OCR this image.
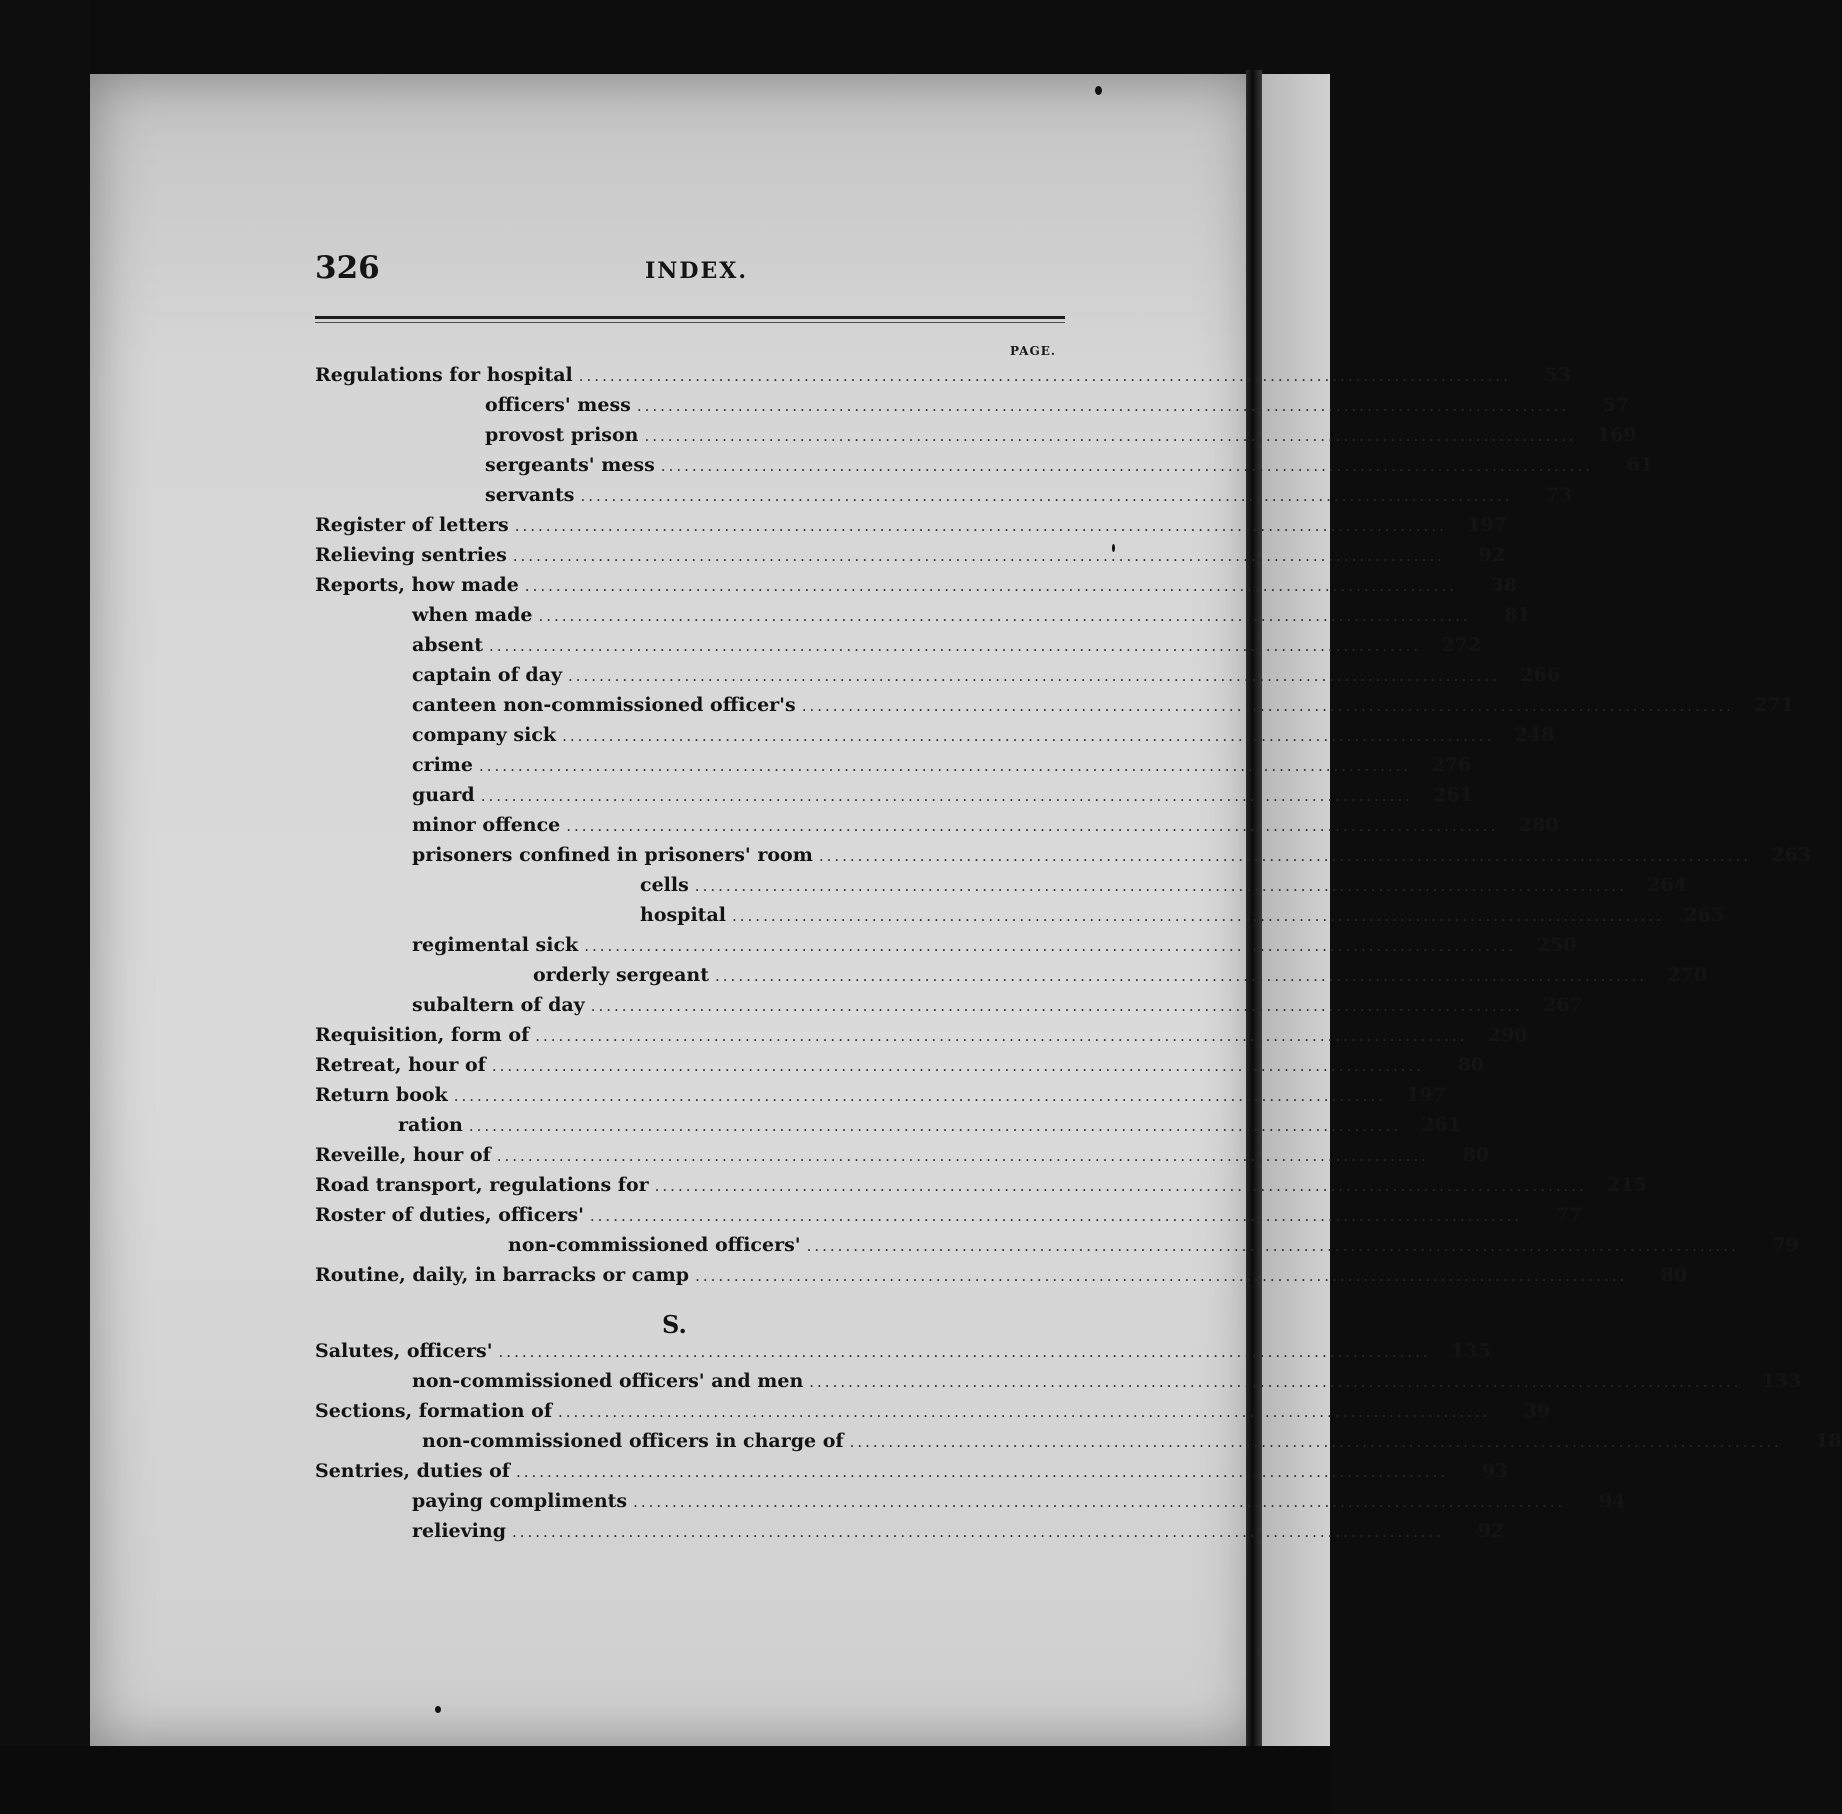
326	INDEX.
PAGE.
Regulations for hospital ........................................................................................................................	53
officers' mess ........................................................................................................................	57
provost prison ........................................................................................................................	169
sergeants' mess ........................................................................................................................	61
servants ........................................................................................................................	73
Register of letters ........................................................................................................................	197
Relieving sentries ........................................................................................................................	92
Reports, how made ........................................................................................................................	38
when made ........................................................................................................................	81
absent ........................................................................................................................	272
captain of day ........................................................................................................................	266
canteen non-commissioned officer's ........................................................................................................................	271
company sick ........................................................................................................................	248
crime ........................................................................................................................	276
guard ........................................................................................................................	261
minor offence ........................................................................................................................	280
prisoners confined in prisoners' room ........................................................................................................................	263
cells ........................................................................................................................	264
hospital ........................................................................................................................	265
regimental sick ........................................................................................................................	250
orderly sergeant ........................................................................................................................	270
subaltern of day ........................................................................................................................	267
Requisition, form of ........................................................................................................................	290
Retreat, hour of ........................................................................................................................	80
Return book ........................................................................................................................	197
ration ........................................................................................................................	261
Reveille, hour of ........................................................................................................................	80
Road transport, regulations for ........................................................................................................................	215
Roster of duties, officers' ........................................................................................................................	77
non-commissioned officers' ........................................................................................................................	79
Routine, daily, in barracks or camp ........................................................................................................................	80
Salutes, officers' ........................................................................................................................	135
non-commissioned officers' and men ........................................................................................................................	133
Sections, formation of ........................................................................................................................	39
non-commissioned officers in charge of ........................................................................................................................	18
Sentries, duties of ........................................................................................................................	93
paying compliments ........................................................................................................................	94
relieving ........................................................................................................................	92
S.
